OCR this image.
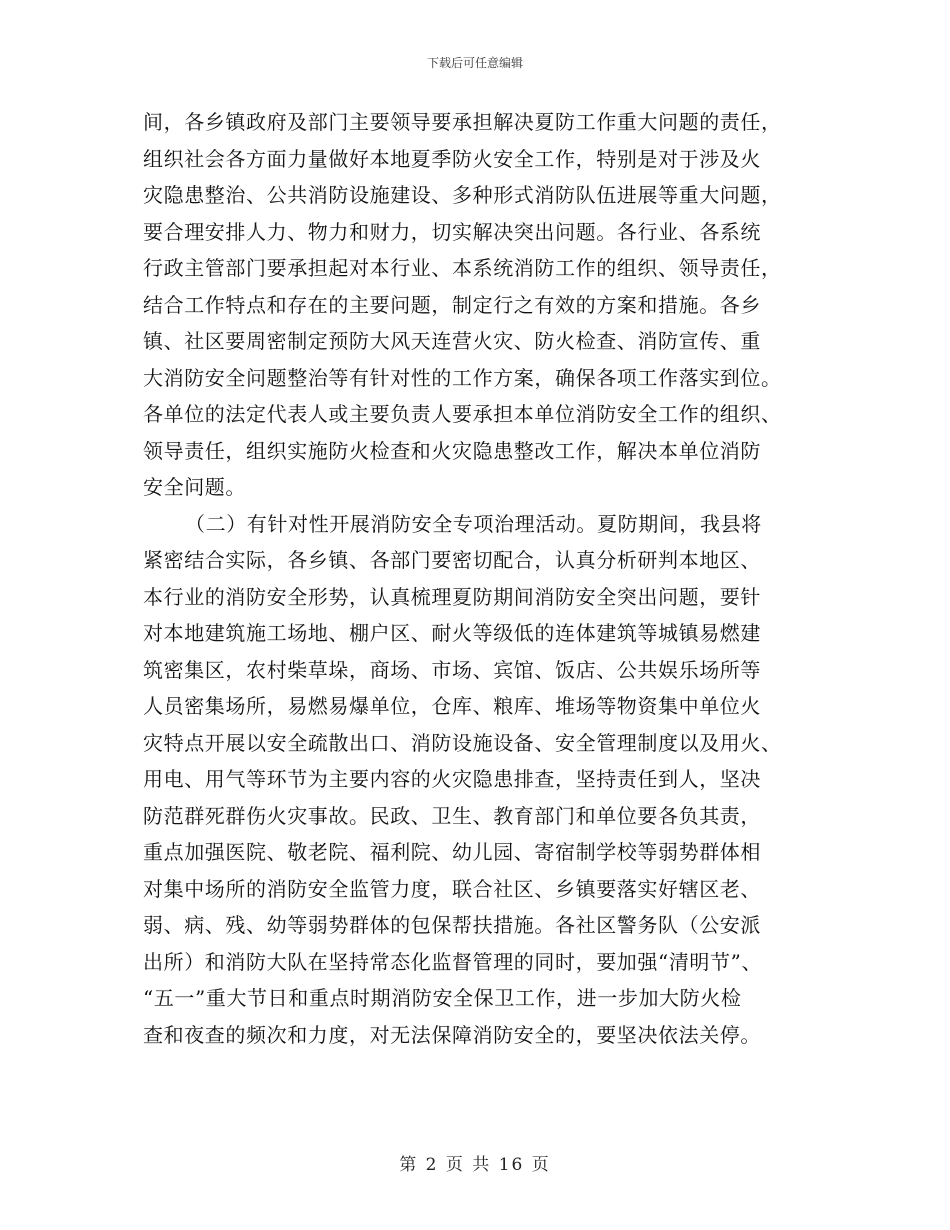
下载后可任意编辑
间，各乡镇政府及部门主要领导要承担解决夏防工作重大问题的责任，
组织社会各方面力量做好本地夏季防火安全工作，特别是对于涉及火
灾隐患整治、公共消防设施建设、多种形式消防队伍进展等重大问题，
要合理安排人力、物力和财力，切实解决突出问题。各行业、各系统
行政主管部门要承担起对本行业、本系统消防工作的组织、领导责任，
结合工作特点和存在的主要问题，制定行之有效的方案和措施。各乡
镇、社区要周密制定预防大风天连营火灾、防火检查、消防宣传、重
大消防安全问题整治等有针对性的工作方案，确保各项工作落实到位。
各单位的法定代表人或主要负责人要承担本单位消防安全工作的组织、
领导责任，组织实施防火检查和火灾隐患整改工作，解决本单位消防
安全问题。
（二）有针对性开展消防安全专项治理活动。夏防期间，我县将
紧密结合实际，各乡镇、各部门要密切配合，认真分析研判本地区、
本行业的消防安全形势，认真梳理夏防期间消防安全突出问题，要针
对本地建筑施工场地、棚户区、耐火等级低的连体建筑等城镇易燃建
筑密集区，农村柴草垛，商场、市场、宾馆、饭店、公共娱乐场所等
人员密集场所，易燃易爆单位，仓库、粮库、堆场等物资集中单位火
灾特点开展以安全疏散出口、消防设施设备、安全管理制度以及用火、
用电、用气等环节为主要内容的火灾隐患排查，坚持责任到人，坚决
防范群死群伤火灾事故。民政、卫生、教育部门和单位要各负其责，
重点加强医院、敬老院、福利院、幼儿园、寄宿制学校等弱势群体相
对集中场所的消防安全监管力度，联合社区、乡镇要落实好辖区老、
弱、病、残、幼等弱势群体的包保帮扶措施。各社区警务队（公安派
出所）和消防大队在坚持常态化监督管理的同时，要加强“清明节”、
“五一”重大节日和重点时期消防安全保卫工作，进一步加大防火检
查和夜查的频次和力度，对无法保障消防安全的，要坚决依法关停。
第 2 页 共 16 页
